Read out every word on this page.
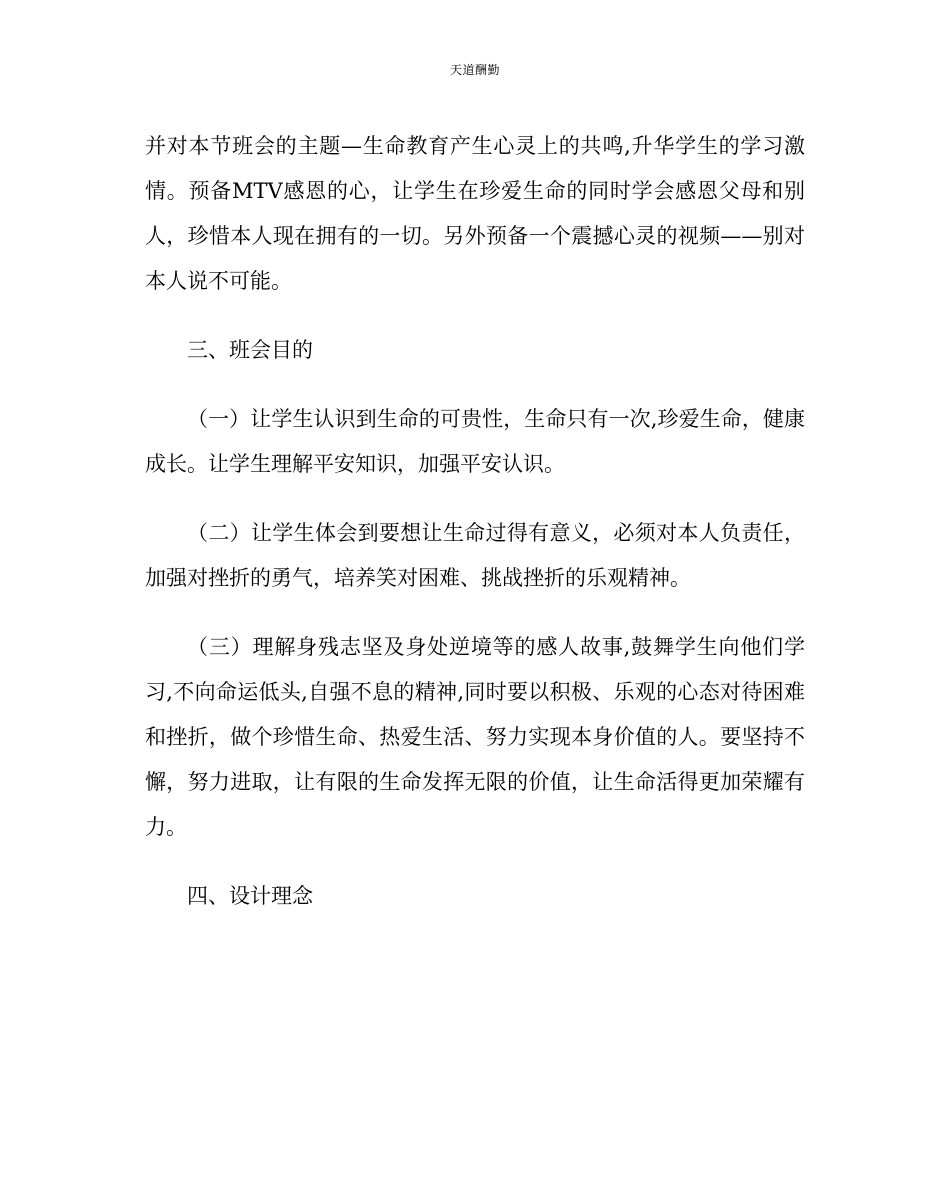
天道酬勤

并对本节班会的主题—生命教育产生心灵上的共鸣,升华学生的学习激情。预备MTV感恩的心，让学生在珍爱生命的同时学会感恩父母和别人，珍惜本人现在拥有的一切。另外预备一个震撼心灵的视频——别对本人说不可能。

三、班会目的

（一）让学生认识到生命的可贵性，生命只有一次,珍爱生命，健康成长。让学生理解平安知识，加强平安认识。

（二）让学生体会到要想让生命过得有意义，必须对本人负责任，加强对挫折的勇气，培养笑对困难、挑战挫折的乐观精神。

（三）理解身残志坚及身处逆境等的感人故事,鼓舞学生向他们学习,不向命运低头,自强不息的精神,同时要以积极、乐观的心态对待困难和挫折，做个珍惜生命、热爱生活、努力实现本身价值的人。要坚持不懈，努力进取，让有限的生命发挥无限的价值，让生命活得更加荣耀有力。

四、设计理念
